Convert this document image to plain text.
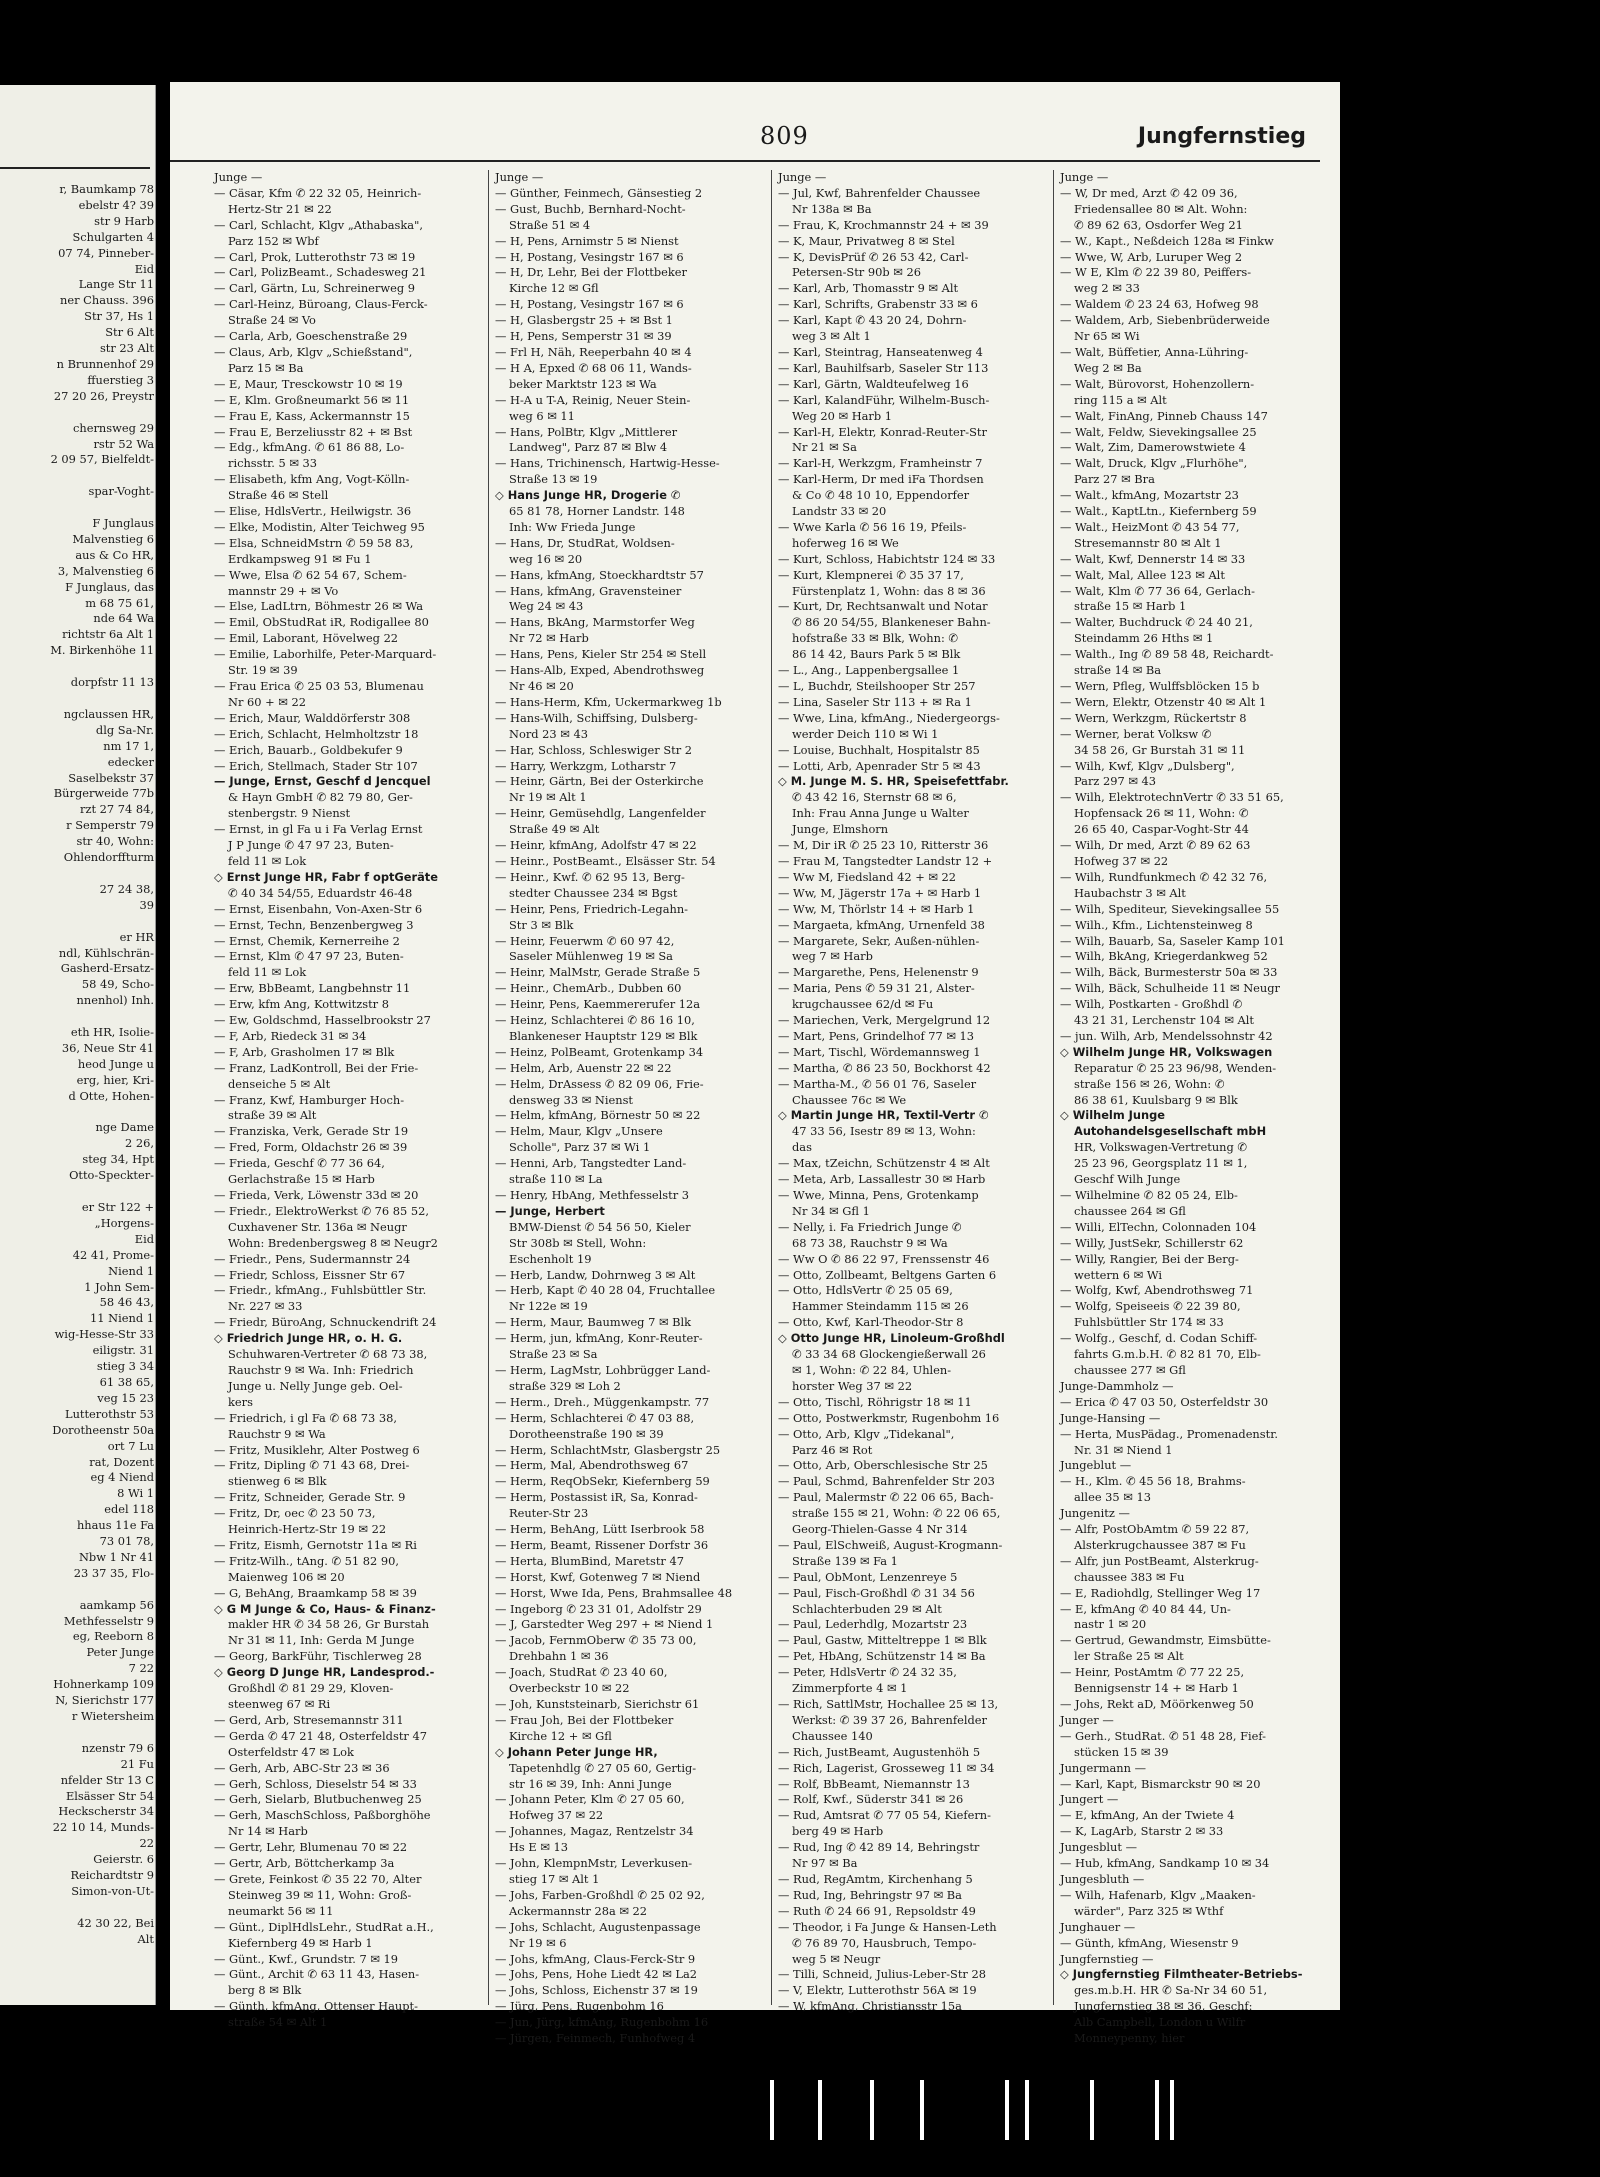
r, Baumkamp 78
ebelstr 4? 39
str 9 Harb
Schulgarten 4
07 74, Pinneber-
Eid
Lange Str 11
ner Chauss. 396
Str 37, Hs 1
Str 6 Alt
str 23 Alt
n Brunnenhof 29
ffuerstieg 3
27 20 26, Preystr

chernsweg 29
rstr 52 Wa
2 09 57, Bielfeldt-

spar-Voght-

F Junglaus
Malvenstieg 6
aus & Co HR,
3, Malvenstieg 6
F Junglaus, das
m 68 75 61,
nde 64 Wa
richtstr 6a Alt 1
M. Birkenhöhe 11

dorpfstr 11 13

ngclaussen HR,
dlg Sa-Nr.
nm 17 1,
edecker
Saselbekstr 37
Bürgerweide 77b
rzt 27 74 84,
r Semperstr 79
str 40, Wohn:
Ohlendorffturm

27 24 38,
39

er HR
ndl, Kühlschrän-
Gasherd-Ersatz-
58 49, Scho-
nnenhol) Inh.

eth HR, Isolie-
36, Neue Str 41
heod Junge u
erg, hier, Kri-
d Otte, Hohen-

nge Dame
2 26,
steg 34, Hpt
Otto-Speckter-

er Str 122 +
„Horgens-
Eid
42 41, Prome-
Niend 1
1 John Sem-
58 46 43,
11 Niend 1
wig-Hesse-Str 33
eiligstr. 31
stieg 3 34
61 38 65,
veg 15 23
Lutterothstr 53
Dorotheenstr 50a
ort 7 Lu
rat, Dozent
eg 4 Niend
8 Wi 1
edel 118
hhaus 11e Fa
73 01 78,
Nbw 1 Nr 41
23 37 35, Flo-

aamkamp 56
Methfesselstr 9
eg, Reeborn 8
Peter Junge
7 22
Hohnerkamp 109
N, Sierichstr 177
r Wietersheim

nzenstr 79 6
21 Fu
nfelder Str 13 C
Elsässer Str 54
Heckscherstr 34
22 10 14, Munds-
22
Geierstr. 6
Reichardtstr 9
Simon-von-Ut-

42 30 22, Bei
Alt
809	Jungfernstieg
Junge —
— Cäsar, Kfm ✆ 22 32 05, Heinrich-
Hertz-Str 21 ✉ 22
— Carl, Schlacht, Klgv „Athabaska",
Parz 152 ✉ Wbf
— Carl, Prok, Lutterothstr 73 ✉ 19
— Carl, PolizBeamt., Schadesweg 21
— Carl, Gärtn, Lu, Schreinerweg 9
— Carl-Heinz, Büroang, Claus-Ferck-
Straße 24 ✉ Vo
— Carla, Arb, Goeschenstraße 29
— Claus, Arb, Klgv „Schießstand",
Parz 15 ✉ Ba
— E, Maur, Tresckowstr 10 ✉ 19
— E, Klm. Großneumarkt 56 ✉ 11
— Frau E, Kass, Ackermannstr 15
— Frau E, Berzeliusstr 82 + ✉ Bst
— Edg., kfmAng. ✆ 61 86 88, Lo-
richsstr. 5 ✉ 33
— Elisabeth, kfm Ang, Vogt-Kölln-
Straße 46 ✉ Stell
— Elise, HdlsVertr., Heilwigstr. 36
— Elke, Modistin, Alter Teichweg 95
— Elsa, SchneidMstrn ✆ 59 58 83,
Erdkampsweg 91 ✉ Fu 1
— Wwe, Elsa ✆ 62 54 67, Schem-
mannstr 29 + ✉ Vo
— Else, LadLtrn, Böhmestr 26 ✉ Wa
— Emil, ObStudRat iR, Rodigallee 80
— Emil, Laborant, Hövelweg 22
— Emilie, Laborhilfe, Peter-Marquard-
Str. 19 ✉ 39
— Frau Erica ✆ 25 03 53, Blumenau
Nr 60 + ✉ 22
— Erich, Maur, Walddörferstr 308
— Erich, Schlacht, Helmholtzstr 18
— Erich, Bauarb., Goldbekufer 9
— Erich, Stellmach, Stader Str 107
— Junge, Ernst, Geschf d Jencquel
& Hayn GmbH ✆ 82 79 80, Ger-
stenbergstr. 9 Nienst
— Ernst, in gl Fa u i Fa Verlag Ernst
J P Junge ✆ 47 97 23, Buten-
feld 11 ✉ Lok
◇ Ernst Junge HR, Fabr f optGeräte
✆ 40 34 54/55, Eduardstr 46-48
— Ernst, Eisenbahn, Von-Axen-Str 6
— Ernst, Techn, Benzenbergweg 3
— Ernst, Chemik, Kernerreihe 2
— Ernst, Klm ✆ 47 97 23, Buten-
feld 11 ✉ Lok
— Erw, BbBeamt, Langbehnstr 11
— Erw, kfm Ang, Kottwitzstr 8
— Ew, Goldschmd, Hasselbrookstr 27
— F, Arb, Riedeck 31 ✉ 34
— F, Arb, Grasholmen 17 ✉ Blk
— Franz, LadKontroll, Bei der Frie-
denseiche 5 ✉ Alt
— Franz, Kwf, Hamburger Hoch-
straße 39 ✉ Alt
— Franziska, Verk, Gerade Str 19
— Fred, Form, Oldachstr 26 ✉ 39
— Frieda, Geschf ✆ 77 36 64,
Gerlachstraße 15 ✉ Harb
— Frieda, Verk, Löwenstr 33d ✉ 20
— Friedr., ElektroWerkst ✆ 76 85 52,
Cuxhavener Str. 136a ✉ Neugr
Wohn: Bredenbergsweg 8 ✉ Neugr2
— Friedr., Pens, Sudermannstr 24
— Friedr, Schloss, Eissner Str 67
— Friedr., kfmAng., Fuhlsbüttler Str.
Nr. 227 ✉ 33
— Friedr, BüroAng, Schnuckendrift 24
◇ Friedrich Junge HR, o. H. G.
Schuhwaren-Vertreter ✆ 68 73 38,
Rauchstr 9 ✉ Wa. Inh: Friedrich
Junge u. Nelly Junge geb. Oel-
kers
— Friedrich, i gl Fa ✆ 68 73 38,
Rauchstr 9 ✉ Wa
— Fritz, Musiklehr, Alter Postweg 6
— Fritz, Dipling ✆ 71 43 68, Drei-
stienweg 6 ✉ Blk
— Fritz, Schneider, Gerade Str. 9
— Fritz, Dr, oec ✆ 23 50 73,
Heinrich-Hertz-Str 19 ✉ 22
— Fritz, Eismh, Gernotstr 11a ✉ Ri
— Fritz-Wilh., tAng. ✆ 51 82 90,
Maienweg 106 ✉ 20
— G, BehAng, Braamkamp 58 ✉ 39
◇ G M Junge & Co, Haus- & Finanz-
makler HR ✆ 34 58 26, Gr Burstah
Nr 31 ✉ 11, Inh: Gerda M Junge
— Georg, BarkFühr, Tischlerweg 28
◇ Georg D Junge HR, Landesprod.-
Großhdl ✆ 81 29 29, Kloven-
steenweg 67 ✉ Ri
— Gerd, Arb, Stresemannstr 311
— Gerda ✆ 47 21 48, Osterfeldstr 47
Osterfeldstr 47 ✉ Lok
— Gerh, Arb, ABC-Str 23 ✉ 36
— Gerh, Schloss, Dieselstr 54 ✉ 33
— Gerh, Sielarb, Blutbuchenweg 25
— Gerh, MaschSchloss, Paßborghöhe
Nr 14 ✉ Harb
— Gertr, Lehr, Blumenau 70 ✉ 22
— Gertr, Arb, Böttcherkamp 3a
— Grete, Feinkost ✆ 35 22 70, Alter
Steinweg 39 ✉ 11, Wohn: Groß-
neumarkt 56 ✉ 11
— Günt., DiplHdlsLehr., StudRat a.H.,
Kiefernberg 49 ✉ Harb 1
— Günt., Kwf., Grundstr. 7 ✉ 19
— Günt., Archit ✆ 63 11 43, Hasen-
berg 8 ✉ Blk
— Günth, kfmAng, Ottenser Haupt-
straße 54 ✉ Alt 1
Junge —
— Günther, Feinmech, Gänsestieg 2
— Gust, Buchb, Bernhard-Nocht-
Straße 51 ✉ 4
— H, Pens, Arnimstr 5 ✉ Nienst
— H, Postang, Vesingstr 167 ✉ 6
— H, Dr, Lehr, Bei der Flottbeker
Kirche 12 ✉ Gfl
— H, Postang, Vesingstr 167 ✉ 6
— H, Glasbergstr 25 + ✉ Bst 1
— H, Pens, Semperstr 31 ✉ 39
— Frl H, Näh, Reeperbahn 40 ✉ 4
— H A, Epxed ✆ 68 06 11, Wands-
beker Marktstr 123 ✉ Wa
— H-A u T-A, Reinig, Neuer Stein-
weg 6 ✉ 11
— Hans, PolBtr, Klgv „Mittlerer
Landweg", Parz 87 ✉ Blw 4
— Hans, Trichinensch, Hartwig-Hesse-
Straße 13 ✉ 19
◇ Hans Junge HR, Drogerie ✆
65 81 78, Horner Landstr. 148
Inh: Ww Frieda Junge
— Hans, Dr, StudRat, Woldsen-
weg 16 ✉ 20
— Hans, kfmAng, Stoeckhardtstr 57
— Hans, kfmAng, Gravensteiner
Weg 24 ✉ 43
— Hans, BkAng, Marmstorfer Weg
Nr 72 ✉ Harb
— Hans, Pens, Kieler Str 254 ✉ Stell
— Hans-Alb, Exped, Abendrothsweg
Nr 46 ✉ 20
— Hans-Herm, Kfm, Uckermarkweg 1b
— Hans-Wilh, Schiffsing, Dulsberg-
Nord 23 ✉ 43
— Har, Schloss, Schleswiger Str 2
— Harry, Werkzgm, Lotharstr 7
— Heinr, Gärtn, Bei der Osterkirche
Nr 19 ✉ Alt 1
— Heinr, Gemüsehdlg, Langenfelder
Straße 49 ✉ Alt
— Heinr, kfmAng, Adolfstr 47 ✉ 22
— Heinr., PostBeamt., Elsässer Str. 54
— Heinr., Kwf. ✆ 62 95 13, Berg-
stedter Chaussee 234 ✉ Bgst
— Heinr, Pens, Friedrich-Legahn-
Str 3 ✉ Blk
— Heinr, Feuerwm ✆ 60 97 42,
Saseler Mühlenweg 19 ✉ Sa
— Heinr, MalMstr, Gerade Straße 5
— Heinr., ChemArb., Dubben 60
— Heinr, Pens, Kaemmererufer 12a
— Heinz, Schlachterei ✆ 86 16 10,
Blankeneser Hauptstr 129 ✉ Blk
— Heinz, PolBeamt, Grotenkamp 34
— Helm, Arb, Auenstr 22 ✉ 22
— Helm, DrAssess ✆ 82 09 06, Frie-
densweg 33 ✉ Nienst
— Helm, kfmAng, Börnestr 50 ✉ 22
— Helm, Maur, Klgv „Unsere
Scholle", Parz 37 ✉ Wi 1
— Henni, Arb, Tangstedter Land-
straße 110 ✉ La
— Henry, HbAng, Methfesselstr 3
— Junge, Herbert
BMW-Dienst ✆ 54 56 50, Kieler
Str 308b ✉ Stell, Wohn:
Eschenholt 19
— Herb, Landw, Dohrnweg 3 ✉ Alt
— Herb, Kapt ✆ 40 28 04, Fruchtallee
Nr 122e ✉ 19
— Herm, Maur, Baumweg 7 ✉ Blk
— Herm, jun, kfmAng, Konr-Reuter-
Straße 23 ✉ Sa
— Herm, LagMstr, Lohbrügger Land-
straße 329 ✉ Loh 2
— Herm., Dreh., Müggenkampstr. 77
— Herm, Schlachterei ✆ 47 03 88,
Dorotheenstraße 190 ✉ 39
— Herm, SchlachtMstr, Glasbergstr 25
— Herm, Mal, Abendrothsweg 67
— Herm, ReqObSekr, Kiefernberg 59
— Herm, Postassist iR, Sa, Konrad-
Reuter-Str 23
— Herm, BehAng, Lütt Iserbrook 58
— Herm, Beamt, Rissener Dorfstr 36
— Herta, BlumBind, Maretstr 47
— Horst, Kwf, Gotenweg 7 ✉ Niend
— Horst, Wwe Ida, Pens, Brahmsallee 48
— Ingeborg ✆ 23 31 01, Adolfstr 29
— J, Garstedter Weg 297 + ✉ Niend 1
— Jacob, FernmOberw ✆ 35 73 00,
Drehbahn 1 ✉ 36
— Joach, StudRat ✆ 23 40 60,
Overbeckstr 10 ✉ 22
— Joh, Kunststeinarb, Sierichstr 61
— Frau Joh, Bei der Flottbeker
Kirche 12 + ✉ Gfl
◇ Johann Peter Junge HR,
Tapetenhdlg ✆ 27 05 60, Gertig-
str 16 ✉ 39, Inh: Anni Junge
— Johann Peter, Klm ✆ 27 05 60,
Hofweg 37 ✉ 22
— Johannes, Magaz, Rentzelstr 34
Hs E ✉ 13
— John, KlempnMstr, Leverkusen-
stieg 17 ✉ Alt 1
— Johs, Farben-Großhdl ✆ 25 02 92,
Ackermannstr 28a ✉ 22
— Johs, Schlacht, Augustenpassage
Nr 19 ✉ 6
— Johs, kfmAng, Claus-Ferck-Str 9
— Johs, Pens, Hohe Liedt 42 ✉ La2
— Johs, Schloss, Eichenstr 37 ✉ 19
— Jürg, Pens, Rugenbohm 16
— Jun, Jürg, kfmAng, Rugenbohm 16
— Jürgen, Feinmech, Funhofweg 4
Junge —
— Jul, Kwf, Bahrenfelder Chaussee
Nr 138a ✉ Ba
— Frau, K, Krochmannstr 24 + ✉ 39
— K, Maur, Privatweg 8 ✉ Stel
— K, DevisPrüf ✆ 26 53 42, Carl-
Petersen-Str 90b ✉ 26
— Karl, Arb, Thomasstr 9 ✉ Alt
— Karl, Schrifts, Grabenstr 33 ✉ 6
— Karl, Kapt ✆ 43 20 24, Dohrn-
weg 3 ✉ Alt 1
— Karl, Steintrag, Hanseatenweg 4
— Karl, Bauhilfsarb, Saseler Str 113
— Karl, Gärtn, Waldteufelweg 16
— Karl, KalandFühr, Wilhelm-Busch-
Weg 20 ✉ Harb 1
— Karl-H, Elektr, Konrad-Reuter-Str
Nr 21 ✉ Sa
— Karl-H, Werkzgm, Framheinstr 7
— Karl-Herm, Dr med iFa Thordsen
& Co ✆ 48 10 10, Eppendorfer
Landstr 33 ✉ 20
— Wwe Karla ✆ 56 16 19, Pfeils-
hoferweg 16 ✉ We
— Kurt, Schloss, Habichtstr 124 ✉ 33
— Kurt, Klempnerei ✆ 35 37 17,
Fürstenplatz 1, Wohn: das 8 ✉ 36
— Kurt, Dr, Rechtsanwalt und Notar
✆ 86 20 54/55, Blankeneser Bahn-
hofstraße 33 ✉ Blk, Wohn: ✆
86 14 42, Baurs Park 5 ✉ Blk
— L., Ang., Lappenbergsallee 1
— L, Buchdr, Steilshooper Str 257
— Lina, Saseler Str 113 + ✉ Ra 1
— Wwe, Lina, kfmAng., Niedergeorgs-
werder Deich 110 ✉ Wi 1
— Louise, Buchhalt, Hospitalstr 85
— Lotti, Arb, Apenrader Str 5 ✉ 43
◇ M. Junge M. S. HR, Speisefettfabr.
✆ 43 42 16, Sternstr 68 ✉ 6,
Inh: Frau Anna Junge u Walter
Junge, Elmshorn
— M, Dir iR ✆ 25 23 10, Ritterstr 36
— Frau M, Tangstedter Landstr 12 +
— Ww M, Fiedsland 42 + ✉ 22
— Ww, M, Jägerstr 17a + ✉ Harb 1
— Ww, M, Thörlstr 14 + ✉ Harb 1
— Margaeta, kfmAng, Urnenfeld 38
— Margarete, Sekr, Außen-nühlen-
weg 7 ✉ Harb
— Margarethe, Pens, Helenenstr 9
— Maria, Pens ✆ 59 31 21, Alster-
krugchaussee 62/d ✉ Fu
— Mariechen, Verk, Mergelgrund 12
— Mart, Pens, Grindelhof 77 ✉ 13
— Mart, Tischl, Wördemannsweg 1
— Martha, ✆ 86 23 50, Bockhorst 42
— Martha-M., ✆ 56 01 76, Saseler
Chaussee 76c ✉ We
◇ Martin Junge HR, Textil-Vertr ✆
47 33 56, Isestr 89 ✉ 13, Wohn:
das
— Max, tZeichn, Schützenstr 4 ✉ Alt
— Meta, Arb, Lassallestr 30 ✉ Harb
— Wwe, Minna, Pens, Grotenkamp
Nr 34 ✉ Gfl 1
— Nelly, i. Fa Friedrich Junge ✆
68 73 38, Rauchstr 9 ✉ Wa
— Ww O ✆ 86 22 97, Frenssenstr 46
— Otto, Zollbeamt, Beltgens Garten 6
— Otto, HdlsVertr ✆ 25 05 69,
Hammer Steindamm 115 ✉ 26
— Otto, Kwf, Karl-Theodor-Str 8
◇ Otto Junge HR, Linoleum-Großhdl
✆ 33 34 68 Glockengießerwall 26
✉ 1, Wohn: ✆ 22 84, Uhlen-
horster Weg 37 ✉ 22
— Otto, Tischl, Röhrigstr 18 ✉ 11
— Otto, Postwerkmstr, Rugenbohm 16
— Otto, Arb, Klgv „Tidekanal",
Parz 46 ✉ Rot
— Otto, Arb, Oberschlesische Str 25
— Paul, Schmd, Bahrenfelder Str 203
— Paul, Malermstr ✆ 22 06 65, Bach-
straße 155 ✉ 21, Wohn: ✆ 22 06 65,
Georg-Thielen-Gasse 4 Nr 314
— Paul, ElSchweiß, August-Krogmann-
Straße 139 ✉ Fa 1
— Paul, ObMont, Lenzenreye 5
— Paul, Fisch-Großhdl ✆ 31 34 56
Schlachterbuden 29 ✉ Alt
— Paul, Lederhdlg, Mozartstr 23
— Paul, Gastw, Mitteltreppe 1 ✉ Blk
— Pet, HbAng, Schützenstr 14 ✉ Ba
— Peter, HdlsVertr ✆ 24 32 35,
Zimmerpforte 4 ✉ 1
— Rich, SattlMstr, Hochallee 25 ✉ 13,
Werkst: ✆ 39 37 26, Bahrenfelder
Chaussee 140
— Rich, JustBeamt, Augustenhöh 5
— Rich, Lagerist, Grosseweg 11 ✉ 34
— Rolf, BbBeamt, Niemannstr 13
— Rolf, Kwf., Süderstr 341 ✉ 26
— Rud, Amtsrat ✆ 77 05 54, Kiefern-
berg 49 ✉ Harb
— Rud, Ing ✆ 42 89 14, Behringstr
Nr 97 ✉ Ba
— Rud, RegAmtm, Kirchenhang 5
— Rud, Ing, Behringstr 97 ✉ Ba
— Ruth ✆ 24 66 91, Repsoldstr 49
— Theodor, i Fa Junge & Hansen-Leth
✆ 76 89 70, Hausbruch, Tempo-
weg 5 ✉ Neugr
— Tilli, Schneid, Julius-Leber-Str 28
— V, Elektr, Lutterothstr 56A ✉ 19
— W, kfmAng, Christiansstr 15a
Junge —
— W, Dr med, Arzt ✆ 42 09 36,
Friedensallee 80 ✉ Alt. Wohn:
✆ 89 62 63, Osdorfer Weg 21
— W., Kapt., Neßdeich 128a ✉ Finkw
— Wwe, W, Arb, Luruper Weg 2
— W E, Klm ✆ 22 39 80, Peiffers-
weg 2 ✉ 33
— Waldem ✆ 23 24 63, Hofweg 98
— Waldem, Arb, Siebenbrüderweide
Nr 65 ✉ Wi
— Walt, Büffetier, Anna-Lühring-
Weg 2 ✉ Ba
— Walt, Bürovorst, Hohenzollern-
ring 115 a ✉ Alt
— Walt, FinAng, Pinneb Chauss 147
— Walt, Feldw, Sievekingsallee 25
— Walt, Zim, Damerowstwiete 4
— Walt, Druck, Klgv „Flurhöhe",
Parz 27 ✉ Bra
— Walt., kfmAng, Mozartstr 23
— Walt., KaptLtn., Kiefernberg 59
— Walt., HeizMont ✆ 43 54 77,
Stresemannstr 80 ✉ Alt 1
— Walt, Kwf, Dennerstr 14 ✉ 33
— Walt, Mal, Allee 123 ✉ Alt
— Walt, Klm ✆ 77 36 64, Gerlach-
straße 15 ✉ Harb 1
— Walter, Buchdruck ✆ 24 40 21,
Steindamm 26 Hths ✉ 1
— Walth., Ing ✆ 89 58 48, Reichardt-
straße 14 ✉ Ba
— Wern, Pfleg, Wulffsblöcken 15 b
— Wern, Elektr, Otzenstr 40 ✉ Alt 1
— Wern, Werkzgm, Rückertstr 8
— Werner, berat Volksw ✆
34 58 26, Gr Burstah 31 ✉ 11
— Wilh, Kwf, Klgv „Dulsberg",
Parz 297 ✉ 43
— Wilh, ElektrotechnVertr ✆ 33 51 65,
Hopfensack 26 ✉ 11, Wohn: ✆
26 65 40, Caspar-Voght-Str 44
— Wilh, Dr med, Arzt ✆ 89 62 63
Hofweg 37 ✉ 22
— Wilh, Rundfunkmech ✆ 42 32 76,
Haubachstr 3 ✉ Alt
— Wilh, Spediteur, Sievekingsallee 55
— Wilh., Kfm., Lichtensteinweg 8
— Wilh, Bauarb, Sa, Saseler Kamp 101
— Wilh, BkAng, Kriegerdankweg 52
— Wilh, Bäck, Burmesterstr 50a ✉ 33
— Wilh, Bäck, Schulheide 11 ✉ Neugr
— Wilh, Postkarten - Großhdl ✆
43 21 31, Lerchenstr 104 ✉ Alt
— jun. Wilh, Arb, Mendelssohnstr 42
◇ Wilhelm Junge HR, Volkswagen
Reparatur ✆ 25 23 96/98, Wenden-
straße 156 ✉ 26, Wohn: ✆
86 38 61, Kuulsbarg 9 ✉ Blk
◇ Wilhelm Junge
Autohandelsgesellschaft mbH
HR, Volkswagen-Vertretung ✆
25 23 96, Georgsplatz 11 ✉ 1,
Geschf Wilh Junge
— Wilhelmine ✆ 82 05 24, Elb-
chaussee 264 ✉ Gfl
— Willi, ElTechn, Colonnaden 104
— Willy, JustSekr, Schillerstr 62
— Willy, Rangier, Bei der Berg-
wettern 6 ✉ Wi
— Wolfg, Kwf, Abendrothsweg 71
— Wolfg, Speiseeis ✆ 22 39 80,
Fuhlsbüttler Str 174 ✉ 33
— Wolfg., Geschf, d. Codan Schiff-
fahrts G.m.b.H. ✆ 82 81 70, Elb-
chaussee 277 ✉ Gfl
Junge-Dammholz —
— Erica ✆ 47 03 50, Osterfeldstr 30
Junge-Hansing —
— Herta, MusPädag., Promenadenstr.
Nr. 31 ✉ Niend 1
Jungeblut —
— H., Klm. ✆ 45 56 18, Brahms-
allee 35 ✉ 13
Jungenitz —
— Alfr, PostObAmtm ✆ 59 22 87,
Alsterkrugchaussee 387 ✉ Fu
— Alfr, jun PostBeamt, Alsterkrug-
chaussee 383 ✉ Fu
— E, Radiohdlg, Stellinger Weg 17
— E, kfmAng ✆ 40 84 44, Un-
nastr 1 ✉ 20
— Gertrud, Gewandmstr, Eimsbütte-
ler Straße 25 ✉ Alt
— Heinr, PostAmtm ✆ 77 22 25,
Bennigsenstr 14 + ✉ Harb 1
— Johs, Rekt aD, Möörkenweg 50
Junger —
— Gerh., StudRat. ✆ 51 48 28, Fief-
stücken 15 ✉ 39
Jungermann —
— Karl, Kapt, Bismarckstr 90 ✉ 20
Jungert —
— E, kfmAng, An der Twiete 4
— K, LagArb, Starstr 2 ✉ 33
Jungesblut —
— Hub, kfmAng, Sandkamp 10 ✉ 34
Jungesbluth —
— Wilh, Hafenarb, Klgv „Maaken-
wärder", Parz 325 ✉ Wthf
Junghauer —
— Günth, kfmAng, Wiesenstr 9
Jungfernstieg —
◇ Jungfernstieg Filmtheater-Betriebs-
ges.m.b.H. HR ✆ Sa-Nr 34 60 51,
Jungfernstieg 38 ✉ 36, Geschf:
Alb Campbell, London u Wilfr
Monneypenny, hier
